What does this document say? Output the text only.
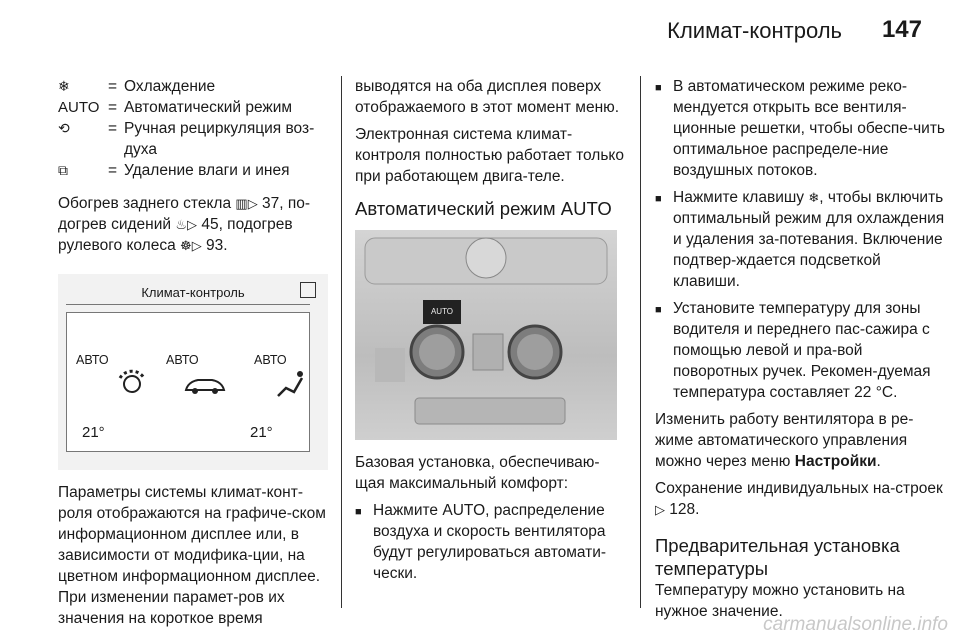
Климат-контроль 147
❄	= Охлаждение
AUTO = Автоматический режим
⟲	= Ручная рециркуляция воз-духа
⧉	= Удаление влаги и инея

Обогрев заднего стекла ▥▷ 37, по-
догрев сидений ♨▷ 45, подогрев
рулевого колеса ☸▷ 93.

Климат-контроль
АВТО	АВТО	АВТО
21°	21°

Параметры системы климат-конт-роля отображаются на графиче-ском информационном дисплее или, в зависимости от модифика-ции, на цветном информационном дисплее. При изменении парамет-ров их значения на короткое время

выводятся на оба дисплея поверх отображаемого в этот момент меню.

Электронная система климат-контроля полностью работает только при работающем двига-теле.

Автоматический режим AUTO
AUTO

Базовая установка, обеспечиваю-щая максимальный комфорт:

■ Нажмите AUTO, распределение воздуха и скорость вентилятора будут регулироваться автомати-чески.
■ В автоматическом режиме реко-мендуется открыть все вентиля-ционные решетки, чтобы обеспе-чить оптимальное распределе-ние воздушных потоков.
■ Нажмите клавишу ❄, чтобы включить оптимальный режим для охлаждения и удаления за-потевания. Включение подтвер-ждается подсветкой клавиши.
■ Установите температуру для зоны водителя и переднего пас-сажира с помощью левой и пра-вой поворотных ручек. Рекомен-дуемая температура составляет 22 °C.

Изменить работу вентилятора в ре-жиме автоматического управления можно через меню Настройки.

Сохранение индивидуальных на-строек ▷ 128.

Предварительная установка температуры

Температуру можно установить на нужное значение.

carmanualsonline.info
